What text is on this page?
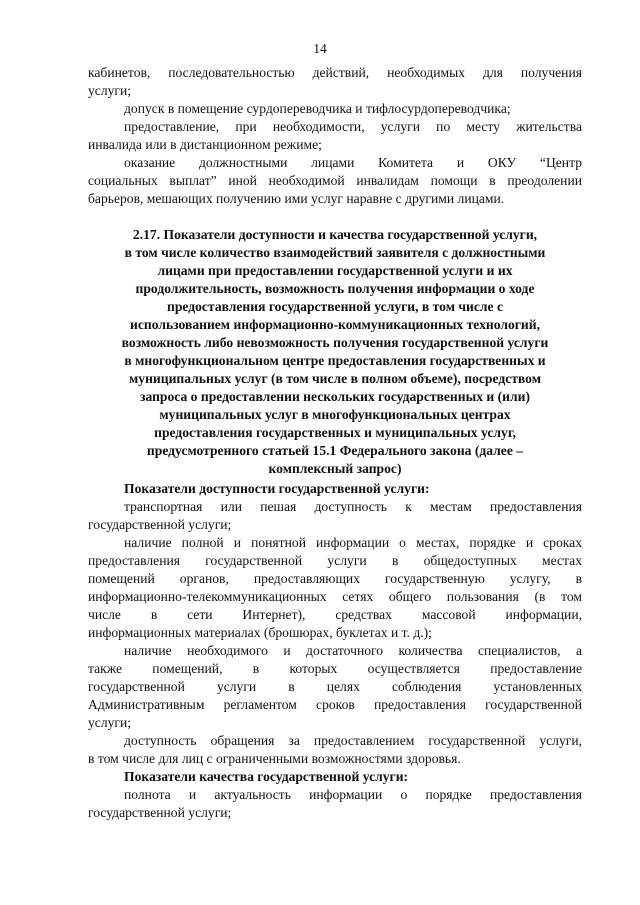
14
кабинетов, последовательностью действий, необходимых для получения
услуги;
допуск в помещение сурдопереводчика и тифлосурдопереводчика;
предоставление, при необходимости, услуги по месту жительства
инвалида или в дистанционном режиме;
оказание должностными лицами Комитета и ОКУ “Центр
социальных выплат” иной необходимой инвалидам помощи в преодолении
барьеров, мешающих получению ими услуг наравне с другими лицами.
2.17. Показатели доступности и качества государственной услуги,
в том числе количество взаимодействий заявителя с должностными
лицами при предоставлении государственной услуги и их
продолжительность, возможность получения информации о ходе
предоставления государственной услуги, в том числе с
использованием информационно-коммуникационных технологий,
возможность либо невозможность получения государственной услуги
в многофункциональном центре предоставления государственных и
муниципальных услуг (в том числе в полном объеме), посредством
запроса о предоставлении нескольких государственных и (или)
муниципальных услуг в многофункциональных центрах
предоставления государственных и муниципальных услуг,
предусмотренного статьей 15.1 Федерального закона (далее –
комплексный запрос)
Показатели доступности государственной услуги:
транспортная или пешая доступность к местам предоставления
государственной услуги;
наличие полной и понятной информации о местах, порядке и сроках
предоставления государственной услуги в общедоступных местах
помещений органов, предоставляющих государственную услугу, в
информационно-телекоммуникационных сетях общего пользования (в том
числе в сети Интернет), средствах массовой информации,
информационных материалах (брошюрах, буклетах и т. д.);
наличие необходимого и достаточного количества специалистов, а
также помещений, в которых осуществляется предоставление
государственной услуги в целях соблюдения установленных
Административным регламентом сроков предоставления государственной
услуги;
доступность обращения за предоставлением государственной услуги,
в том числе для лиц с ограниченными возможностями здоровья.
Показатели качества государственной услуги:
полнота и актуальность информации о порядке предоставления
государственной услуги;
